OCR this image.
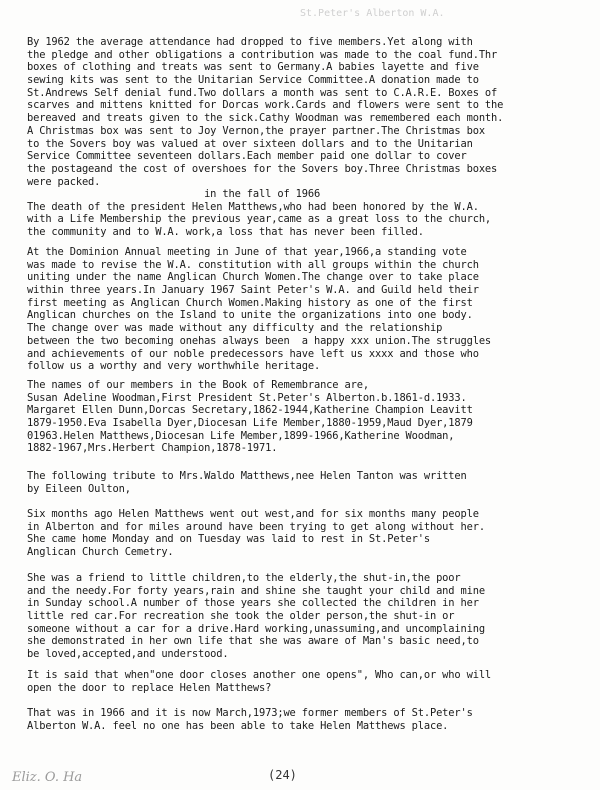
St.Peter's Alberton W.A.
By 1962 the average attendance had dropped to five members.Yet along with
the pledge and other obligations a contribution was made to the coal fund.Thr
boxes of clothing and treats was sent to Germany.A babies layette and five
sewing kits was sent to the Unitarian Service Committee.A donation made to
St.Andrews Self denial fund.Two dollars a month was sent to C.A.R.E. Boxes of
scarves and mittens knitted for Dorcas work.Cards and flowers were sent to the
bereaved and treats given to the sick.Cathy Woodman was remembered each month.
A Christmas box was sent to Joy Vernon,the prayer partner.The Christmas box
to the Sovers boy was valued at over sixteen dollars and to the Unitarian
Service Committee seventeen dollars.Each member paid one dollar to cover
the postageand the cost of overshoes for the Sovers boy.Three Christmas boxes
were packed.
in the fall of 1966
The death of the president Helen Matthews,who had been honored by the W.A.
with a Life Membership the previous year,came as a great loss to the church,
the community and to W.A. work,a loss that has never been filled.
At the Dominion Annual meeting in June of that year,1966,a standing vote
was made to revise the W.A. constitution with all groups within the church
uniting under the name Anglican Church Women.The change over to take place
within three years.In January 1967 Saint Peter's W.A. and Guild held their
first meeting as Anglican Church Women.Making history as one of the first
Anglican churches on the Island to unite the organizations into one body.
The change over was made without any difficulty and the relationship
between the two becoming onehas always been  a happy xxx union.The struggles
and achievements of our noble predecessors have left us xxxx and those who
follow us a worthy and very worthwhile heritage.
The names of our members in the Book of Remembrance are,
Susan Adeline Woodman,First President St.Peter's Alberton.b.1861-d.1933.
Margaret Ellen Dunn,Dorcas Secretary,1862-1944,Katherine Champion Leavitt
1879-1950.Eva Isabella Dyer,Diocesan Life Member,1880-1959,Maud Dyer,1879
01963.Helen Matthews,Diocesan Life Member,1899-1966,Katherine Woodman,
1882-1967,Mrs.Herbert Champion,1878-1971.
The following tribute to Mrs.Waldo Matthews,nee Helen Tanton was written
by Eileen Oulton,
Six months ago Helen Matthews went out west,and for six months many people
in Alberton and for miles around have been trying to get along without her.
She came home Monday and on Tuesday was laid to rest in St.Peter's
Anglican Church Cemetry.
She was a friend to little children,to the elderly,the shut-in,the poor
and the needy.For forty years,rain and shine she taught your child and mine
in Sunday school.A number of those years she collected the children in her
little red car.For recreation she took the older person,the shut-in or
someone without a car for a drive.Hard working,unassuming,and uncomplaining
she demonstrated in her own life that she was aware of Man's basic need,to
be loved,accepted,and understood.
It is said that when"one door closes another one opens", Who can,or who will
open the door to replace Helen Matthews?
That was in 1966 and it is now March,1973;we former members of St.Peter's
Alberton W.A. feel no one has been able to take Helen Matthews place.
Eliz. O. Ha	(24)
